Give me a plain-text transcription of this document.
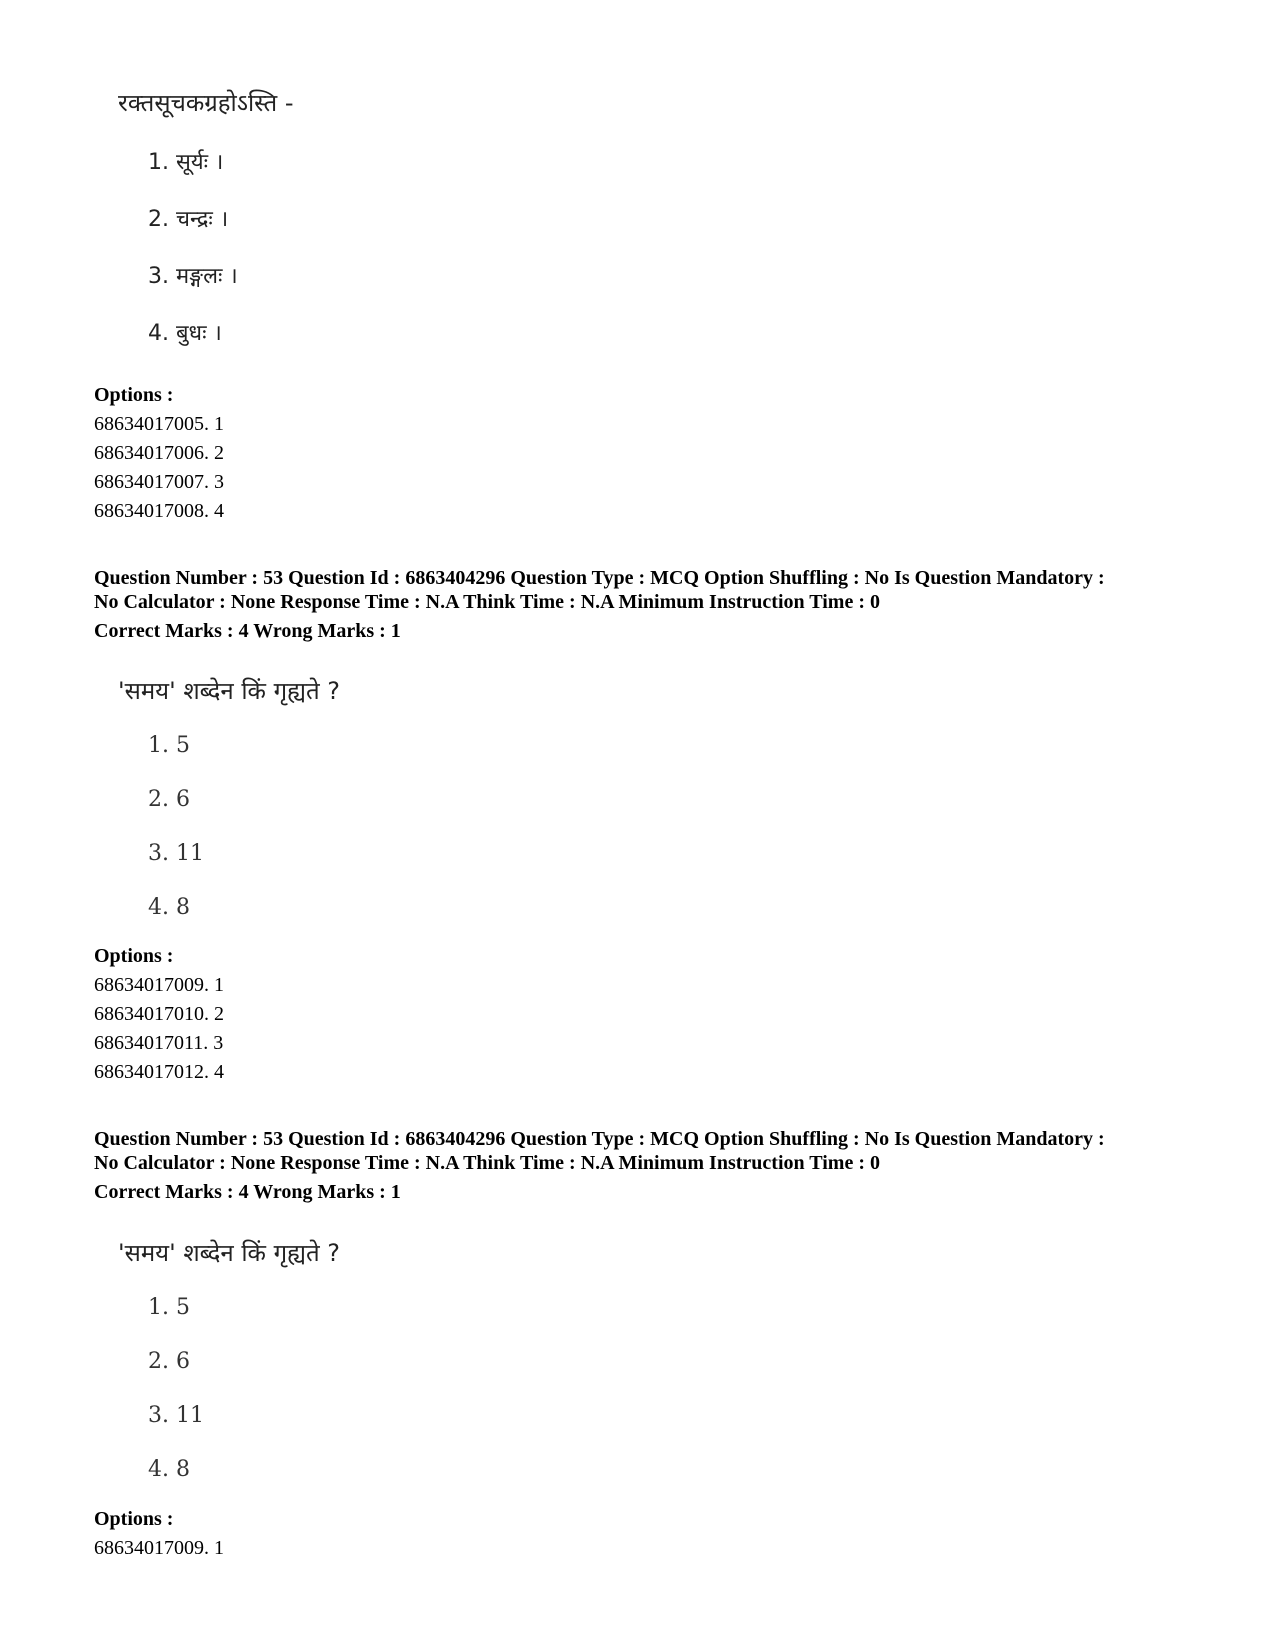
रक्तसूचकग्रहोऽस्ति -
1. सूर्यः ।
2. चन्द्रः ।
3. मङ्गलः ।
4. बुधः ।
Options :
68634017005. 1
68634017006. 2
68634017007. 3
68634017008. 4
Question Number : 53 Question Id : 6863404296 Question Type : MCQ Option Shuffling : No Is Question Mandatory :
No Calculator : None Response Time : N.A Think Time : N.A Minimum Instruction Time : 0
Correct Marks : 4 Wrong Marks : 1
'समय' शब्देन किं गृह्यते ?
1. 5
2. 6
3. 11
4. 8
Options :
68634017009. 1
68634017010. 2
68634017011. 3
68634017012. 4
Question Number : 53 Question Id : 6863404296 Question Type : MCQ Option Shuffling : No Is Question Mandatory :
No Calculator : None Response Time : N.A Think Time : N.A Minimum Instruction Time : 0
Correct Marks : 4 Wrong Marks : 1
'समय' शब्देन किं गृह्यते ?
1. 5
2. 6
3. 11
4. 8
Options :
68634017009. 1
